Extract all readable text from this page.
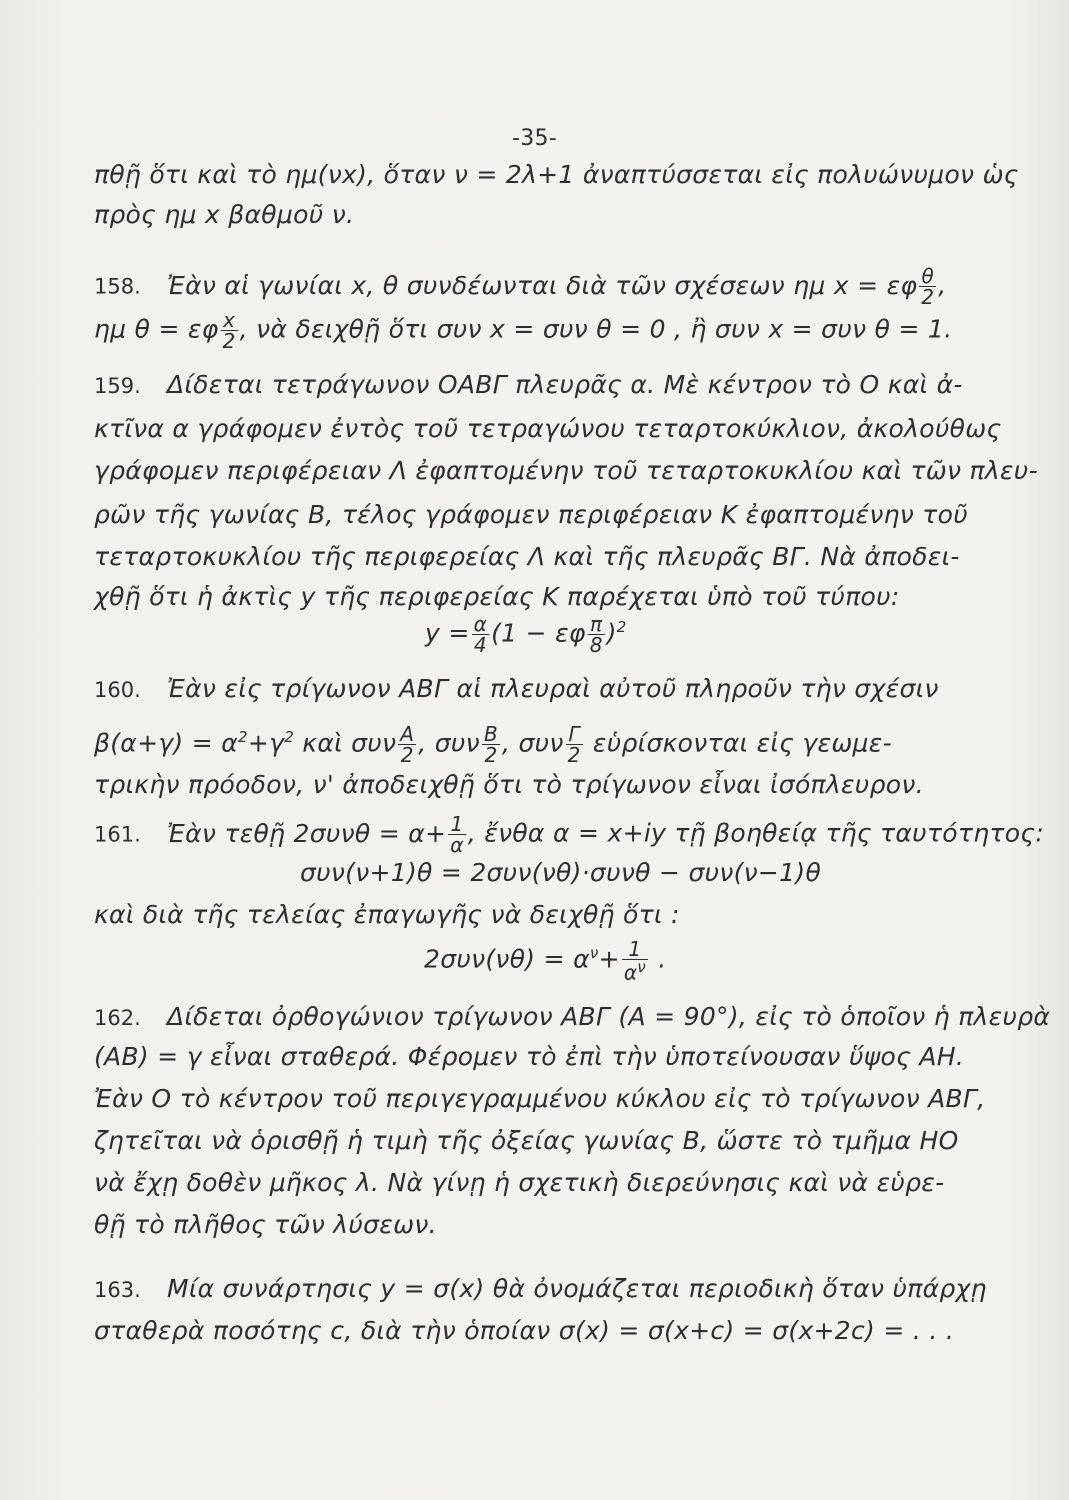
-35-
πθῇ ὅτι καὶ τὸ ημ(νx), ὅταν ν = 2λ+1 ἀναπτύσσεται εἰς πολυώνυμον ὡς
πρὸς ημ x βαθμοῦ ν.
158. Ἐὰν αἱ γωνίαι x, θ συνδέωνται διὰ τῶν σχέσεων ημ x = εφ $\frac{\theta}{2}$ ,
ημ θ = εφ $\frac{x}{2}$ , νὰ δειχθῇ ὅτι συν x = συν θ = 0 , ἢ συν x = συν θ = 1.
159. Δίδεται τετράγωνον ΟΑΒΓ πλευρᾶς α. Μὲ κέντρον τὸ Ο καὶ ἀ-
κτῖνα α γράφομεν ἐντὸς τοῦ τετραγώνου τεταρτοκύκλιον, ἀκολούθως
γράφομεν περιφέρειαν Λ ἐφαπτομένην τοῦ τεταρτοκυκλίου καὶ τῶν πλευ-
ρῶν τῆς γωνίας Β, τέλος γράφομεν περιφέρειαν Κ ἐφαπτομένην τοῦ
τεταρτοκυκλίου τῆς περιφερείας Λ καὶ τῆς πλευρᾶς ΒΓ. Νὰ ἀποδει-
χθῇ ὅτι ἡ ἀκτὶς y τῆς περιφερείας Κ παρέχεται ὑπὸ τοῦ τύπου:
$y = \frac{\alpha}{4} (1 - \varepsilon\varphi \frac{\pi}{8} )^2$
160. Ἐὰν εἰς τρίγωνον ΑΒΓ αἱ πλευραὶ αὐτοῦ πληροῦν τὴν σχέσιν
$\beta(\alpha+\gamma) = \alpha^2+\gamma^2$ καὶ συν $\frac{A}{2}$ , συν $\frac{B}{2}$ , συν $\frac{\Gamma}{2}$ εὑρίσκονται εἰς γεωμε-
τρικὴν πρόοδον, ν' ἀποδειχθῇ ὅτι τὸ τρίγωνον εἶναι ἰσόπλευρον.
161. Ἐὰν τεθῇ $2\sigma\upsilon\nu\theta = \alpha+ \frac{1}{\alpha}$ , ἔνθα α = x+iy τῇ βοηθείᾳ τῆς ταυτότητος:
συν(ν+1)θ = 2συν(νθ)·συνθ − συν(ν−1)θ
καὶ διὰ τῆς τελείας ἐπαγωγῆς νὰ δειχθῇ ὅτι :
$2\sigma\upsilon\nu(\nu\theta) = \alpha^\nu+ \frac{1}{\alpha^\nu}$ .
162. Δίδεται ὀρθογώνιον τρίγωνον ΑΒΓ (Α = 90°), εἰς τὸ ὁποῖον ἡ πλευρὰ
(ΑΒ) = γ εἶναι σταθερά. Φέρομεν τὸ ἐπὶ τὴν ὑποτείνουσαν ὕψος ΑΗ.
Ἐὰν Ο τὸ κέντρον τοῦ περιγεγραμμένου κύκλου εἰς τὸ τρίγωνον ΑΒΓ,
ζητεῖται νὰ ὁρισθῇ ἡ τιμὴ τῆς ὀξείας γωνίας Β, ὥστε τὸ τμῆμα ΗΟ
νὰ ἔχῃ δοθὲν μῆκος λ. Νὰ γίνῃ ἡ σχετικὴ διερεύνησις καὶ νὰ εὑρε-
θῇ τὸ πλῆθος τῶν λύσεων.
163. Μία συνάρτησις y = σ(x) θὰ ὀνομάζεται περιοδικὴ ὅταν ὑπάρχῃ
σταθερὰ ποσότης c, διὰ τὴν ὁποίαν σ(x) = σ(x+c) = σ(x+2c) = . . .
